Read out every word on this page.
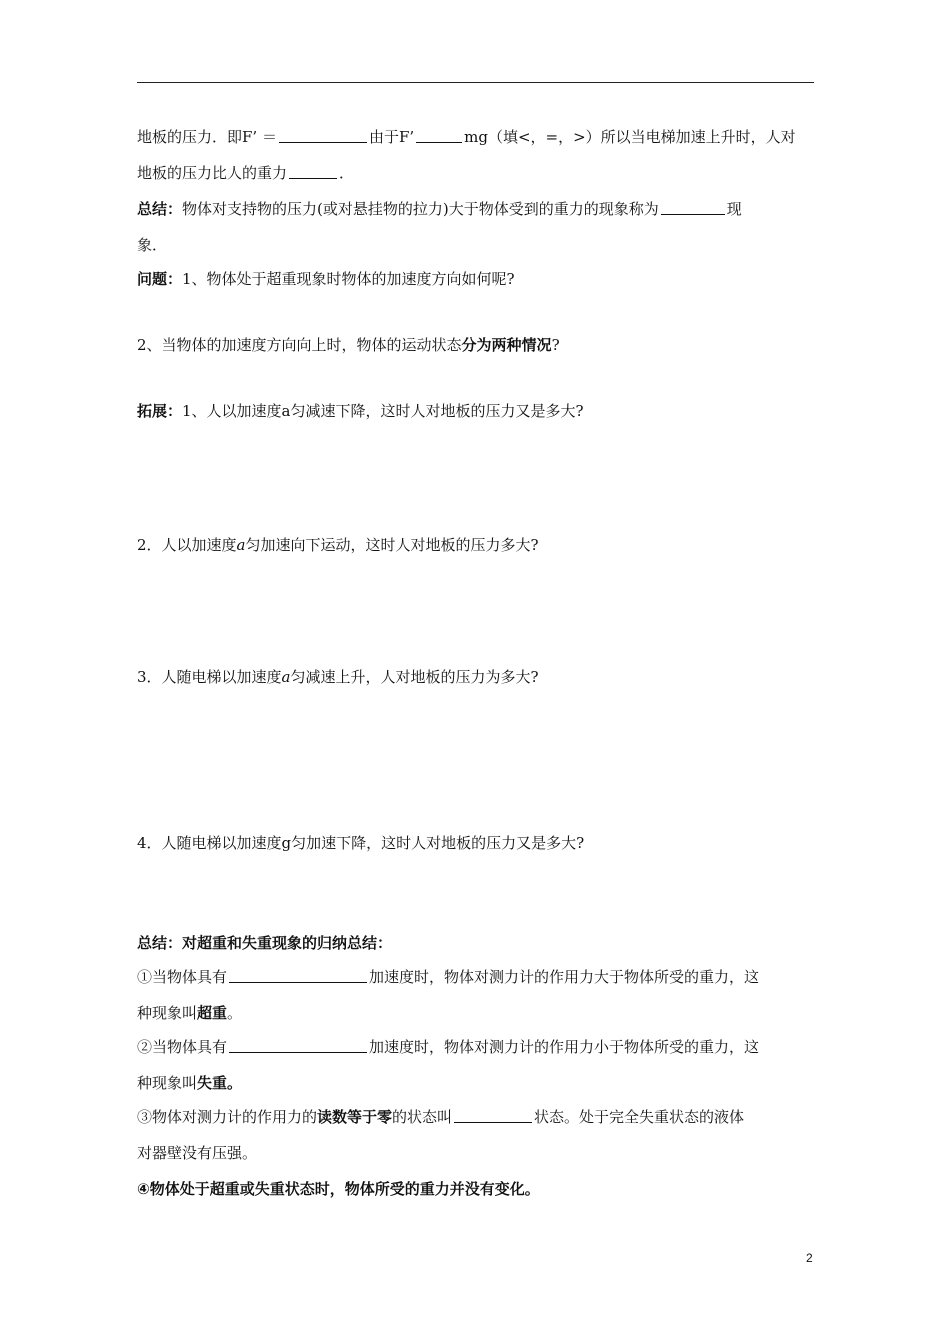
地板的压力．即F’ ＝	由于F’	mg（填<，=，>）所以当电梯加速上升时，人对
地板的压力比人的重力	．
总结：物体对支持物的压力(或对悬挂物的拉力)大于物体受到的重力的现象称为	现
象．
问题：1、物体处于超重现象时物体的加速度方向如何呢?
2、当物体的加速度方向向上时，物体的运动状态分为两种情况?
拓展：1、人以加速度a匀减速下降，这时人对地板的压力又是多大?
2．人以加速度a匀加速向下运动，这时人对地板的压力多大?
3．人随电梯以加速度a匀减速上升，人对地板的压力为多大?
4．人随电梯以加速度g匀加速下降，这时人对地板的压力又是多大?
总结：对超重和失重现象的归纳总结：
①当物体具有	加速度时，物体对测力计的作用力大于物体所受的重力，这
种现象叫超重。
②当物体具有	加速度时，物体对测力计的作用力小于物体所受的重力，这
种现象叫失重。
③物体对测力计的作用力的读数等于零的状态叫	状态。处于完全失重状态的液体
对器壁没有压强。
④物体处于超重或失重状态时，物体所受的重力并没有变化。
2
